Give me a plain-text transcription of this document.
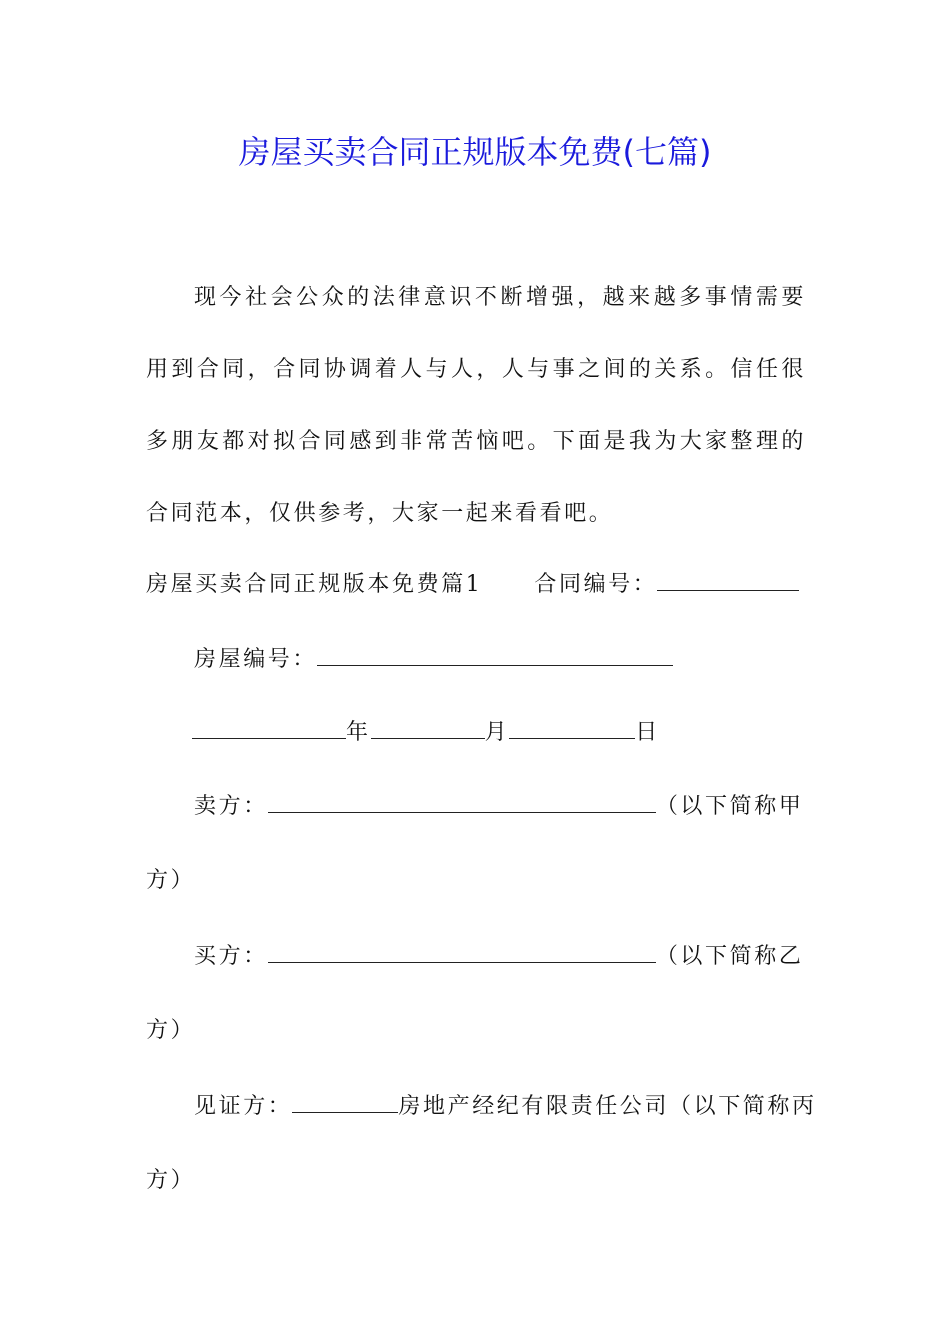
房屋买卖合同正规版本免费(七篇)

现今社会公众的法律意识不断增强，越来越多事情需要用到合同，合同协调着人与人，人与事之间的关系。信任很多朋友都对拟合同感到非常苦恼吧。下面是我为大家整理的合同范本，仅供参考，大家一起来看看吧。

房屋买卖合同正规版本免费篇1 合同编号：
房屋编号：
年	月	日
卖方：	（以下简称甲
方）
买方：	（以下简称乙
方）
见证方：	房地产经纪有限责任公司（以下简称丙
方）
